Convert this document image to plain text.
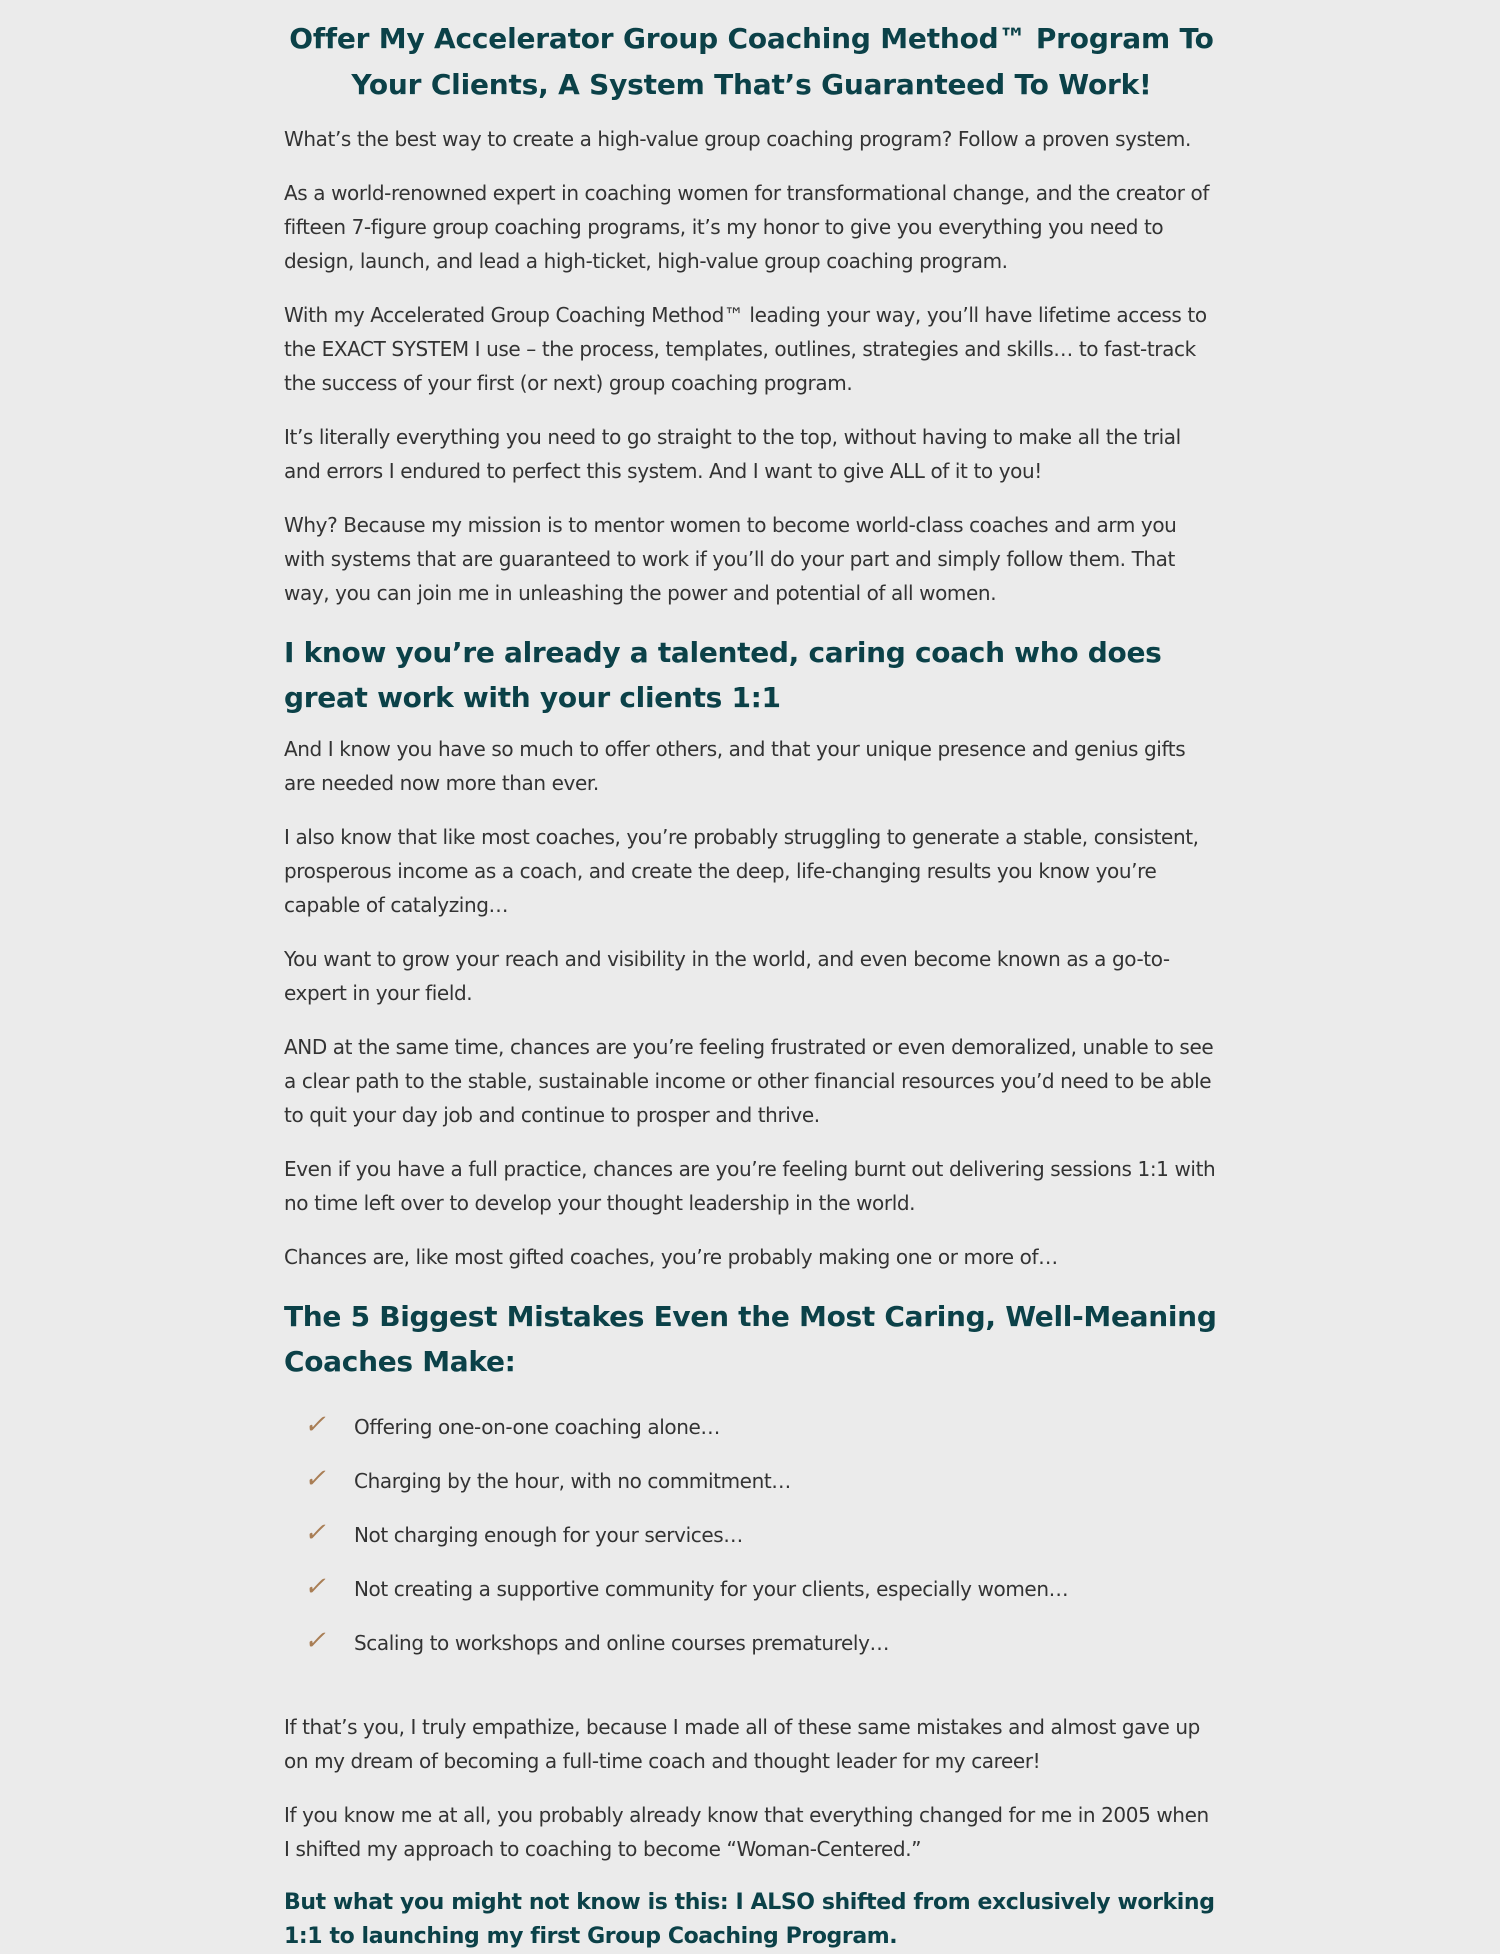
Offer My Accelerator Group Coaching Method™ Program To Your Clients, A System That’s Guaranteed To Work!

What’s the best way to create a high-value group coaching program? Follow a proven system.

As a world-renowned expert in coaching women for transformational change, and the creator of fifteen 7-figure group coaching programs, it’s my honor to give you everything you need to design, launch, and lead a high-ticket, high-value group coaching program.

With my Accelerated Group Coaching Method™ leading your way, you’ll have lifetime access to the EXACT SYSTEM I use – the process, templates, outlines, strategies and skills… to fast-track the success of your first (or next) group coaching program.

It’s literally everything you need to go straight to the top, without having to make all the trial and errors I endured to perfect this system. And I want to give ALL of it to you!

Why? Because my mission is to mentor women to become world-class coaches and arm you with systems that are guaranteed to work if you’ll do your part and simply follow them. That way, you can join me in unleashing the power and potential of all women.

I know you’re already a talented, caring coach who does great work with your clients 1:1

And I know you have so much to offer others, and that your unique presence and genius gifts are needed now more than ever.

I also know that like most coaches, you’re probably struggling to generate a stable, consistent, prosperous income as a coach, and create the deep, life-changing results you know you’re capable of catalyzing…

You want to grow your reach and visibility in the world, and even become known as a go-to-expert in your field.

AND at the same time, chances are you’re feeling frustrated or even demoralized, unable to see a clear path to the stable, sustainable income or other financial resources you’d need to be able to quit your day job and continue to prosper and thrive.

Even if you have a full practice, chances are you’re feeling burnt out delivering sessions 1:1 with no time left over to develop your thought leadership in the world.

Chances are, like most gifted coaches, you’re probably making one or more of…

The 5 Biggest Mistakes Even the Most Caring, Well-Meaning Coaches Make:
✓ Offering one-on-one coaching alone…
✓ Charging by the hour, with no commitment…
✓ Not charging enough for your services…
✓ Not creating a supportive community for your clients, especially women…
✓ Scaling to workshops and online courses prematurely…

If that’s you, I truly empathize, because I made all of these same mistakes and almost gave up on my dream of becoming a full-time coach and thought leader for my career!

If you know me at all, you probably already know that everything changed for me in 2005 when I shifted my approach to coaching to become “Woman-Centered.”

But what you might not know is this: I ALSO shifted from exclusively working 1:1 to launching my first Group Coaching Program.
